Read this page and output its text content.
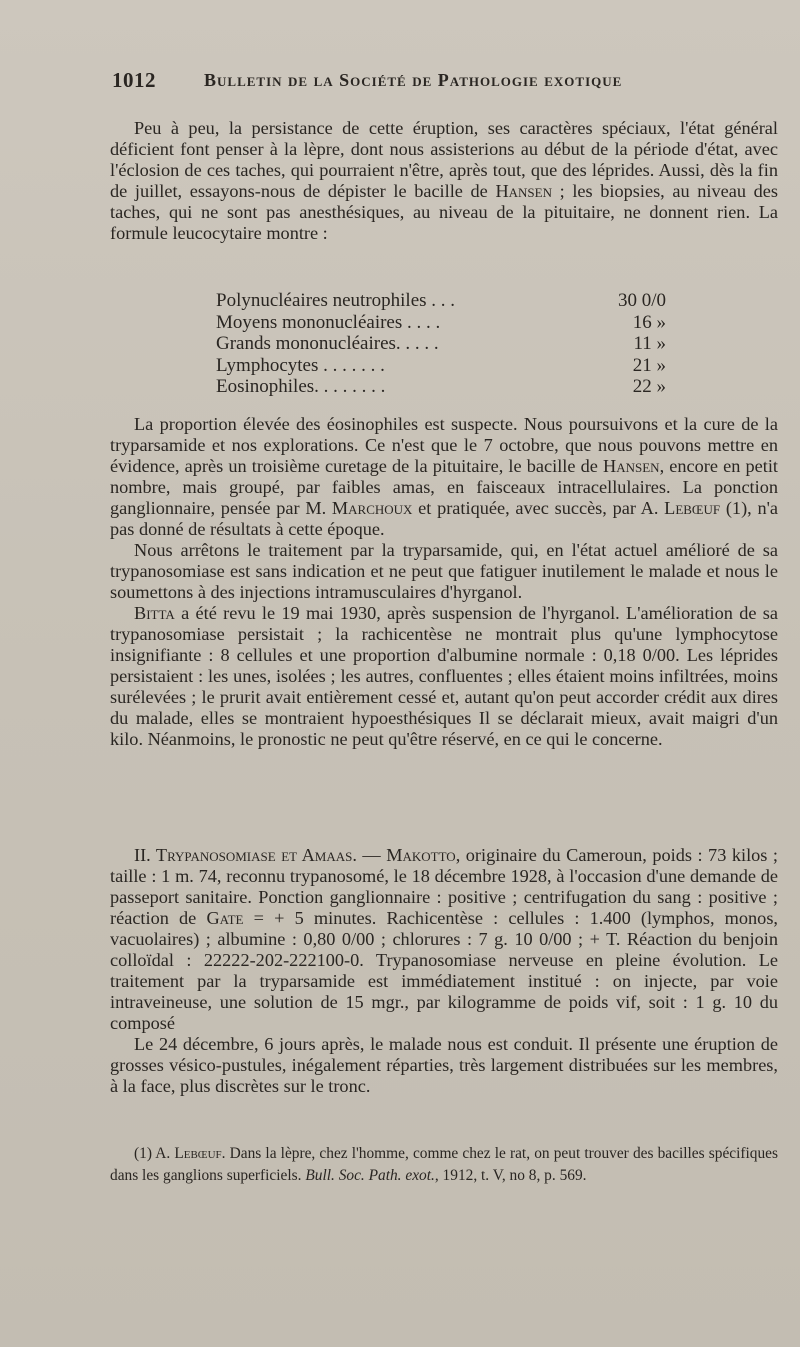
1012	Bulletin de la Société de Pathologie exotique

Peu à peu, la persistance de cette éruption, ses caractères spéciaux, l'état général déficient font penser à la lèpre, dont nous assisterions au début de la période d'état, avec l'éclosion de ces taches, qui pourraient n'être, après tout, que des léprides. Aussi, dès la fin de juillet, essayons-nous de dépister le bacille de Hansen ; les biopsies, au niveau des taches, qui ne sont pas anesthésiques, au niveau de la pituitaire, ne donnent rien. La formule leucocytaire montre :

Polynucléaires neutrophiles . . .	30 0/0
Moyens mononucléaires . . . .	16 »
Grands mononucléaires. . . . .	11 »
Lymphocytes . . . . . . .	21 »
Eosinophiles. . . . . . . .	22 »

La proportion élevée des éosinophiles est suspecte. Nous poursuivons et la cure de la tryparsamide et nos explorations. Ce n'est que le 7 octobre, que nous pouvons mettre en évidence, après un troisième curetage de la pituitaire, le bacille de Hansen, encore en petit nombre, mais groupé, par faibles amas, en faisceaux intracellulaires. La ponction ganglionnaire, pensée par M. Marchoux et pratiquée, avec succès, par A. Lebœuf (1), n'a pas donné de résultats à cette époque.

Nous arrêtons le traitement par la tryparsamide, qui, en l'état actuel amélioré de sa trypanosomiase est sans indication et ne peut que fatiguer inutilement le malade et nous le soumettons à des injections intramusculaires d'hyrganol.

Bitta a été revu le 19 mai 1930, après suspension de l'hyrganol. L'amélioration de sa trypanosomiase persistait ; la rachicentèse ne montrait plus qu'une lymphocytose insignifiante : 8 cellules et une proportion d'albumine normale : 0,18 0/00. Les léprides persistaient : les unes, isolées ; les autres, confluentes ; elles étaient moins infiltrées, moins surélevées ; le prurit avait entièrement cessé et, autant qu'on peut accorder crédit aux dires du malade, elles se montraient hypoesthésiques Il se déclarait mieux, avait maigri d'un kilo. Néanmoins, le pronostic ne peut qu'être réservé, en ce qui le concerne.

II. Trypanosomiase et Amaas. — Makotto, originaire du Cameroun, poids : 73 kilos ; taille : 1 m. 74, reconnu trypanosomé, le 18 décembre 1928, à l'occasion d'une demande de passeport sanitaire. Ponction ganglionnaire : positive ; centrifugation du sang : positive ; réaction de Gate = + 5 minutes. Rachicentèse : cellules : 1.400 (lymphos, monos, vacuolaires) ; albumine : 0,80 0/00 ; chlorures : 7 g. 10 0/00 ; + T. Réaction du benjoin colloïdal : 22222-202-222100-0. Trypanosomiase nerveuse en pleine évolution. Le traitement par la tryparsamide est immédiatement institué : on injecte, par voie intraveineuse, une solution de 15 mgr., par kilogramme de poids vif, soit : 1 g. 10 du composé

Le 24 décembre, 6 jours après, le malade nous est conduit. Il présente une éruption de grosses vésico-pustules, inégalement réparties, très largement distribuées sur les membres, à la face, plus discrètes sur le tronc.

(1) A. Lebœuf. Dans la lèpre, chez l'homme, comme chez le rat, on peut trouver des bacilles spécifiques dans les ganglions superficiels. Bull. Soc. Path. exot., 1912, t. V, no 8, p. 569.
